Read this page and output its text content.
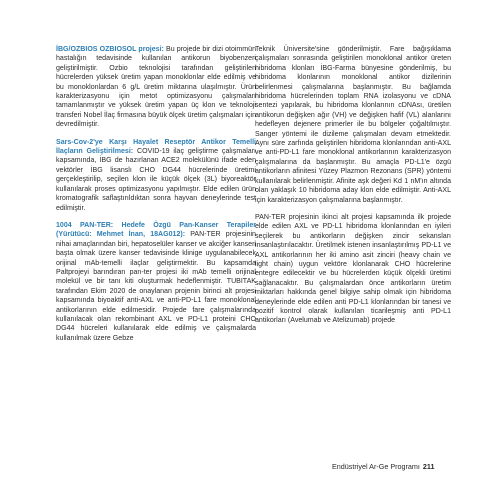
İBG/OZBIOS OZBIOSOL projesi: Bu projede bir dizi otoimmün hastalığın tedavisinde kullanılan antikorun biyobenzeri geliştirilmiştir. Ozbio teknolojisi tarafından geliştirilen hücrelerden yüksek üretim yapan monoklonlar elde edilmiş ve bu monoklonlardan 6 g/L üretim miktarına ulaşılmıştır. Ürün karakterizasyonu için metot optimizasyonu çalışmaları tamamlanmıştır ve yüksek üretim yapan üç klon ve teknoloji transferi Nobel İlaç firmasına büyük ölçek üretim çalışmaları için devredilmiştir.

Sars-Cov-2'ye Karşı Hayalet Reseptör Antikor Temelli İlaçların Geliştirilmesi: COVID-19 ilaç geliştirme çalışmaları kapsamında, İBG de hazırlanan ACE2 molekülünü ifade eden vektörler İBG lisanslı CHO DG44 hücrelerinde üretimi gerçekleştirilip, seçilen klon ile küçük ölçek (3L) biyoreaktör kullanılarak proses optimizasyonu yapılmıştır. Elde edilen ürün kromatografik saflaştırıldıktan sonra hayvan deneylerinde test edilmiştir.

1004 PAN-TER: Hedefe Özgü Pan-Kanser Terapiler (Yürütücü: Mehmet İnan, 18AG012): PAN-TER projesinin nihai amaçlarından biri, hepatoselüler kanser ve akciğer kanseri başta olmak üzere kanser tedavisinde klinige uygulanabilecek orijinal mAb-temelli ilaçlar geliştirmektir. Bu kapsamda Paltprojeyi barındıran pan-ter projesi iki mAb temelli orijinal molekül ve bir tanı kiti oluşturmak hedeflenmiştir. TUBITAK tarafından Ekim 2020 de onaylanan projenin birinci alt projesi kapsamında biyoaktif anti-AXL ve anti-PD-L1 fare monoklonal antikorlarının elde edilmesidir. Projede fare çalışmalarında kullanılacak olan rekombinant AXL ve PD-L1 proteini CHO DG44 hücreleri kullanılarak elde edilmiş ve çalışmalarda kullanılmak üzere Gebze

Teknik Üniversite'sine gönderilmiştir. Fare bağışıklama çalışmaları sonrasında geliştirilen monoklonal antikor üreten hibridoma klonları İBG-Farma bünyesine gönderilmiş, bu hibridoma klonlarının monoklonal antikor dizilerinin belirlenmesi çalışmalarına başlanmıştır. Bu bağlamda hibridoma hücrelerinden toplam RNA izolasyonu ve cDNA sentezi yapılarak, bu hibridoma klonlarının cDNAsı, üretilen antikorun değişken ağır (VH) ve değişken hafif (VL) alanlarını hedefleyen dejenere primerler ile bu bölgeler çoğaltılmıştır. Sanger yöntemi ile dizileme çalışmaları devam etmektedir. Aynı süre zarfında geliştirilen hibridoma klonlarından anti-AXL ve anti-PD-L1 fare monoklonal antikorlarının karakterizasyon çalışmalarına da başlanmıştır. Bu amaçla PD-L1'e özgü antikorların afinitesi Yüzey Plazmon Rezonans (SPR) yöntemi kullanılarak belirlenmiştir. Afinite aşk değeri Kd 1 nM'ın altında olan yaklaşık 10 hibridoma aday klon elde edilmiştir. Anti-AXL için karakterizasyon çalışmalarına başlanmıştır.

PAN-TER projesinin ikinci alt projesi kapsamında ilk projede elde edilen AXL ve PD-L1 hibridoma klonlarından en iyileri seçilerek bu antikorların değişken zincir sekansları insanlaştırılacaktır. Üretilmek istenen insanlaştırılmış PD-L1 ve AXL antikorlarının her iki amino asit zinciri (heavy chain ve light chain) uygun vektöre klonlanarak CHO hücrelerine entegre edilecektir ve bu hücrelerden küçük ölçekli üretimi sağlanacaktır. Bu çalışmalardan önce antikorların üretim miktarları hakkında genel bilgiye sahip olmak için hibridoma deneylerinde elde edilen anti PD-L1 klonlarından bir tanesi ve pozitif kontrol olarak kullanılan ticarileşmiş anti PD-L1 antikorları (Avelumab ve Atelizumab) projede

Endüstriyel Ar-Ge Programı 211
